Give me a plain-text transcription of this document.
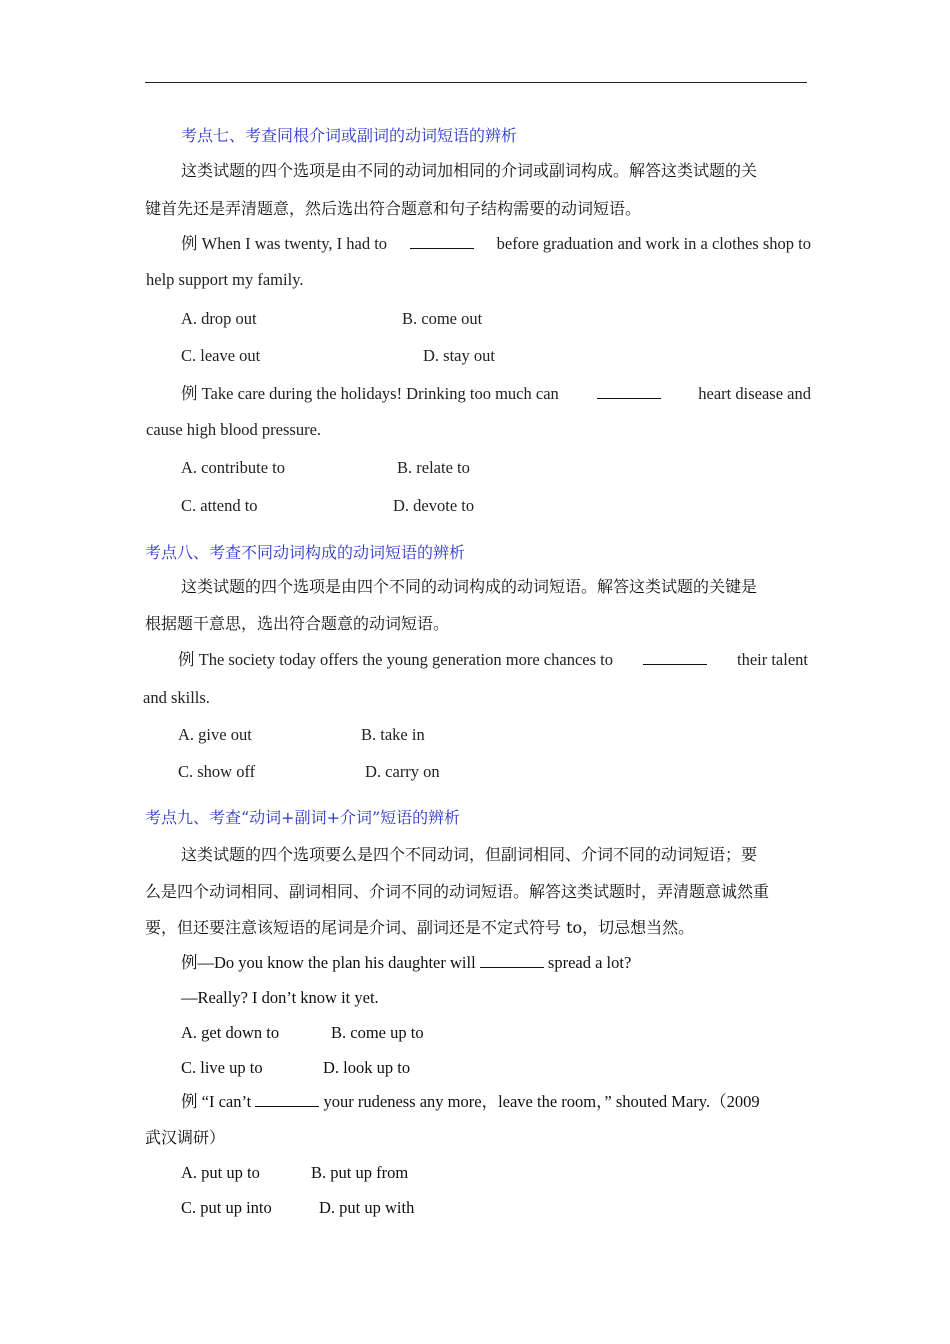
考点七、考查同根介词或副词的动词短语的辨析
这类试题的四个选项是由不同的动词加相同的介词或副词构成。解答这类试题的关
键首先还是弄清题意，然后选出符合题意和句子结构需要的动词短语。
例 When I was twenty, I had to	before graduation and work in a clothes shop to
help support my family.
A. drop out	B. come out
C. leave out	D. stay out
例 Take care during the holidays! Drinking too much can	heart disease and
cause high blood pressure.
A. contribute to	B. relate to
C. attend to	D. devote to
考点八、考查不同动词构成的动词短语的辨析
这类试题的四个选项是由四个不同的动词构成的动词短语。解答这类试题的关键是
根据题干意思，选出符合题意的动词短语。
例 The society today offers the young generation more chances to	their talent
and skills.
A. give out	B. take in
C. show off	D. carry on
考点九、考查“动词+副词+介词”短语的辨析
这类试题的四个选项要么是四个不同动词，但副词相同、介词不同的动词短语；要
么是四个动词相同、副词相同、介词不同的动词短语。解答这类试题时，弄清题意诚然重
要，但还要注意该短语的尾词是介词、副词还是不定式符号 to，切忌想当然。
例—Do you know the plan his daughter will	spread a lot?
—Really? I don’t know it yet.
A. get down to	B. come up to
C. live up to	D. look up to
例 “I can’t	your rudeness any more，leave the room，” shouted Mary.（2009
武汉调研）
A. put up to	B. put up from
C. put up into	D. put up with
